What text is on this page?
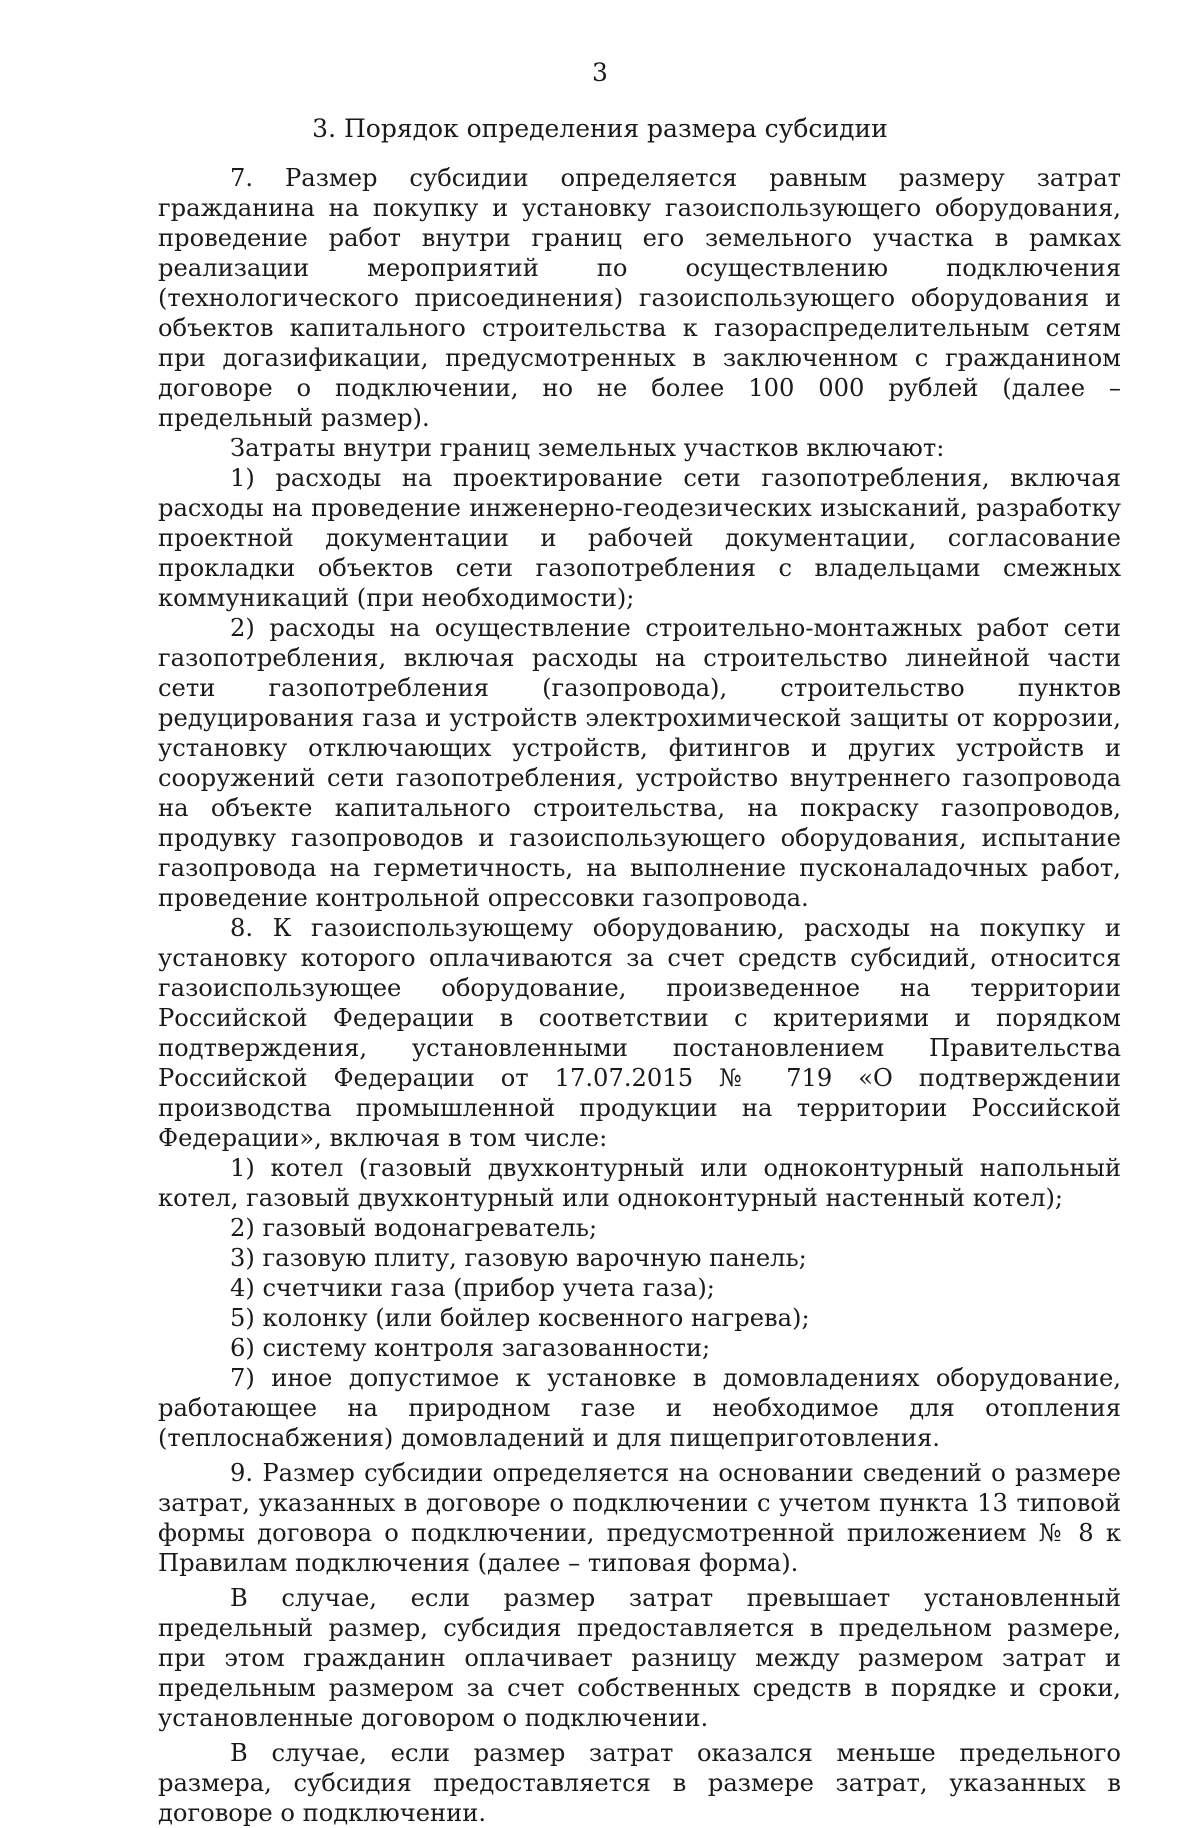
3
3. Порядок определения размера субсидии

7. Размер субсидии определяется равным размеру затрат гражданина на покупку и установку газоиспользующего оборудования, проведение работ внутри границ его земельного участка в рамках реализации мероприятий по осуществлению подключения (технологического присоединения) газоиспользующего оборудования и объектов капитального строительства к газораспределительным сетям при догазификации, предусмотренных в заключенном с гражданином договоре о подключении, но не более 100 000 рублей (далее – предельный размер).

Затраты внутри границ земельных участков включают:

1) расходы на проектирование сети газопотребления, включая расходы на проведение инженерно-геодезических изысканий, разработку проектной документации и рабочей документации, согласование прокладки объектов сети газопотребления с владельцами смежных коммуникаций (при необходимости);

2) расходы на осуществление строительно-монтажных работ сети газопотребления, включая расходы на строительство линейной части сети газопотребления (газопровода), строительство пунктов редуцирования газа и устройств электрохимической защиты от коррозии, установку отключающих устройств, фитингов и других устройств и сооружений сети газопотребления, устройство внутреннего газопровода на объекте капитального строительства, на покраску газопроводов, продувку газопроводов и газоиспользующего оборудования, испытание газопровода на герметичность, на выполнение пусконаладочных работ, проведение контрольной опрессовки газопровода.

8. К газоиспользующему оборудованию, расходы на покупку и установку которого оплачиваются за счет средств субсидий, относится газоиспользующее оборудование, произведенное на территории Российской Федерации в соответствии с критериями и порядком подтверждения, установленными постановлением Правительства Российской Федерации от 17.07.2015 № 719 «О подтверждении производства промышленной продукции на территории Российской Федерации», включая в том числе:

1) котел (газовый двухконтурный или одноконтурный напольный котел, газовый двухконтурный или одноконтурный настенный котел);

2) газовый водонагреватель;

3) газовую плиту, газовую варочную панель;

4) счетчики газа (прибор учета газа);

5) колонку (или бойлер косвенного нагрева);

6) систему контроля загазованности;

7) иное допустимое к установке в домовладениях оборудование, работающее на природном газе и необходимое для отопления (теплоснабжения) домовладений и для пищеприготовления.

9. Размер субсидии определяется на основании сведений о размере затрат, указанных в договоре о подключении с учетом пункта 13 типовой формы договора о подключении, предусмотренной приложением № 8 к Правилам подключения (далее – типовая форма).

В случае, если размер затрат превышает установленный предельный размер, субсидия предоставляется в предельном размере, при этом гражданин оплачивает разницу между размером затрат и предельным размером за счет собственных средств в порядке и сроки, установленные договором о подключении.

В случае, если размер затрат оказался меньше предельного размера, субсидия предоставляется в размере затрат, указанных в договоре о подключении.
